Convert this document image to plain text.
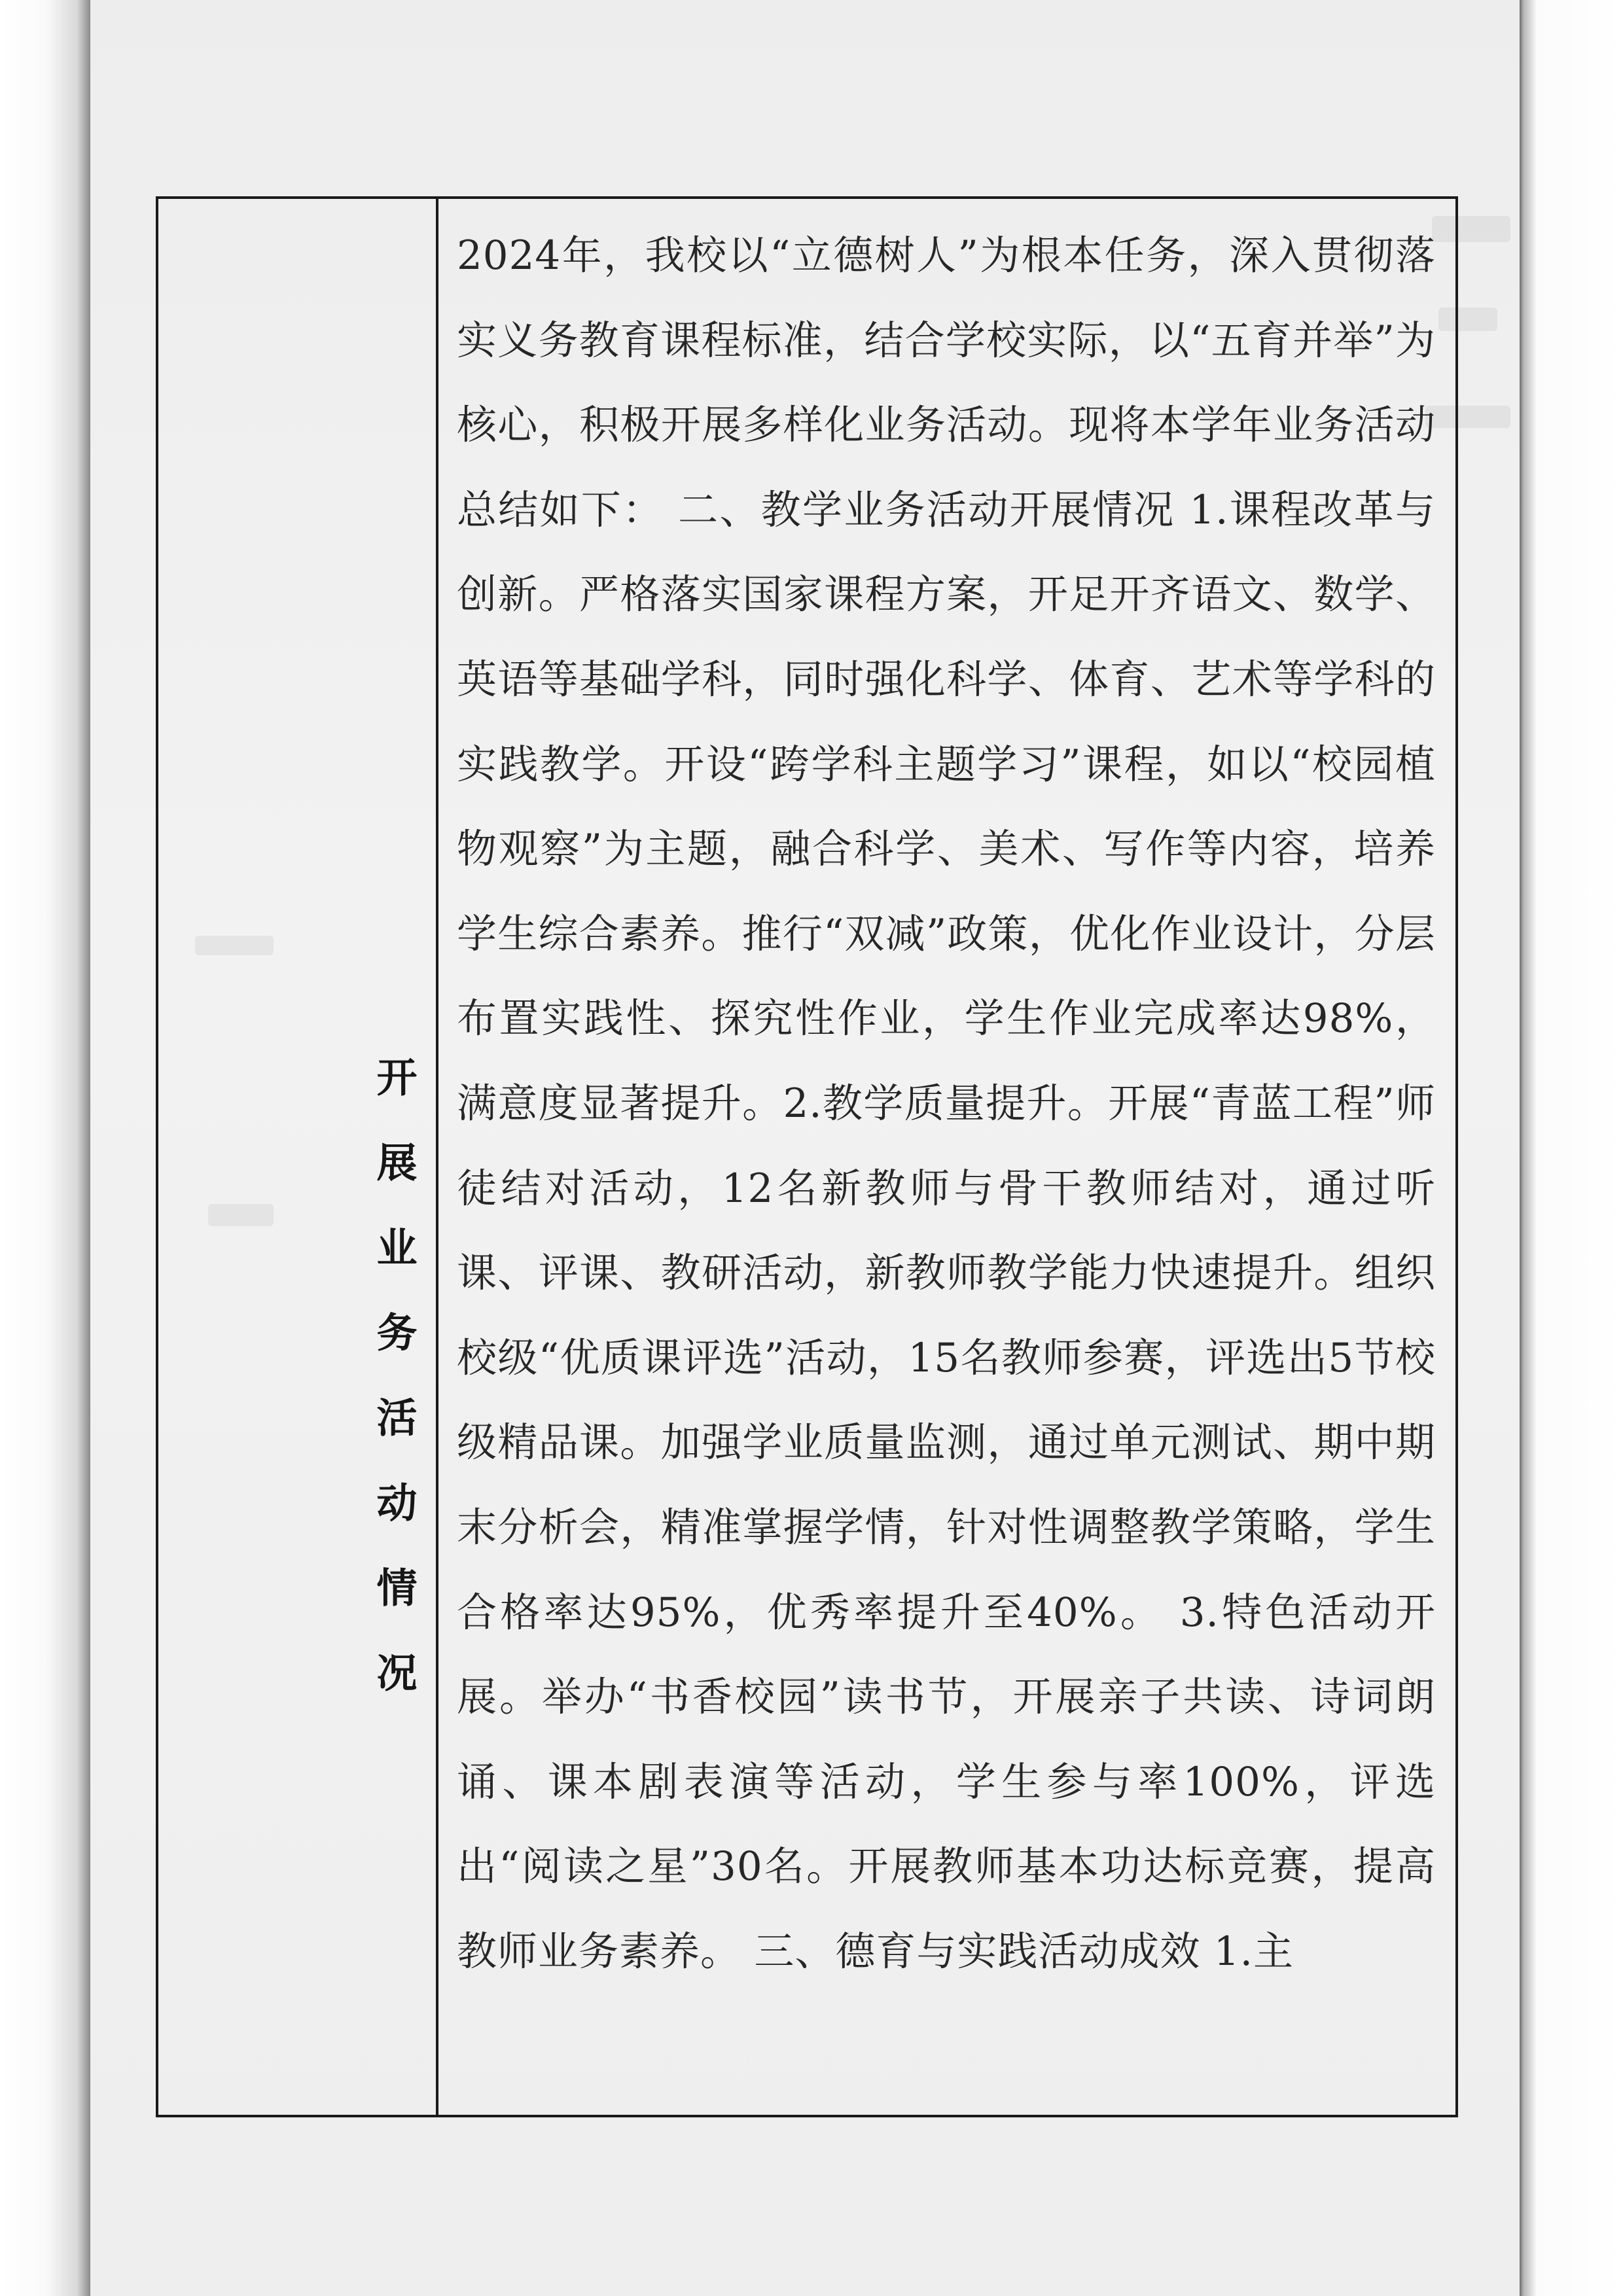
开展业务活动情况

2024年，我校以“立德树人”为根本任务，深入贯彻落实义务教育课程标准，结合学校实际，以“五育并举”为核心，积极开展多样化业务活动。现将本学年业务活动总结如下： 二、教学业务活动开展情况 1.课程改革与创新。严格落实国家课程方案，开足开齐语文、数学、英语等基础学科，同时强化科学、体育、艺术等学科的实践教学。开设“跨学科主题学习”课程，如以“校园植物观察”为主题，融合科学、美术、写作等内容，培养学生综合素养。推行“双减”政策，优化作业设计，分层布置实践性、探究性作业，学生作业完成率达98%，满意度显著提升。2.教学质量提升。开展“青蓝工程”师徒结对活动，12名新教师与骨干教师结对，通过听课、评课、教研活动，新教师教学能力快速提升。组织校级“优质课评选”活动，15名教师参赛，评选出5节校级精品课。加强学业质量监测，通过单元测试、期中期末分析会，精准掌握学情，针对性调整教学策略，学生合格率达95%，优秀率提升至40%。 3.特色活动开展。举办“书香校园”读书节，开展亲子共读、诗词朗诵、课本剧表演等活动，学生参与率100%，评选出“阅读之星”30名。开展教师基本功达标竞赛，提高教师业务素养。 三、德育与实践活动成效 1.主
